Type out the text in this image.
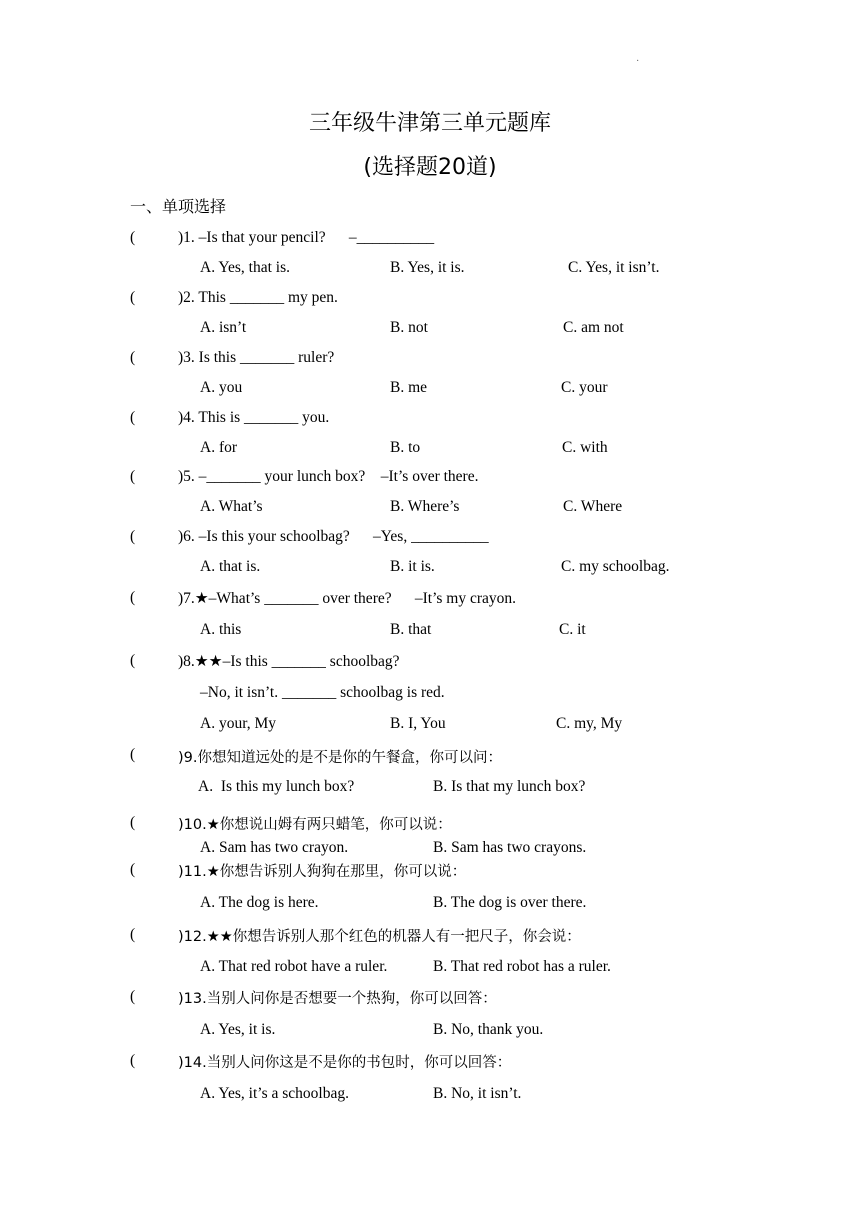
·
三年级牛津第三单元题库
(选择题20道)
一、单项选择
(	)1. –Is that your pencil?      –__________
A. Yes, that is.	B. Yes, it is.	C. Yes, it isn’t.
(	)2. This _______ my pen.
A. isn’t	B. not	C. am not
(	)3. Is this _______ ruler?
A. you	B. me	C. your
(	)4. This is _______ you.
A. for	B. to	C. with
(	)5. –_______ your lunch box?    –It’s over there.
A. What’s	B. Where’s	C. Where
(	)6. –Is this your schoolbag?      –Yes, __________
A. that is.	B. it is.	C. my schoolbag.
(	)7.★–What’s _______ over there?      –It’s my crayon.
A. this	B. that	C. it
(	)8.★★–Is this _______ schoolbag?
–No, it isn’t. _______ schoolbag is red.
A. your, My	B. I, You	C. my, My
(	)9.你想知道远处的是不是你的午餐盒，你可以问：
A.  Is this my lunch box?	B. Is that my lunch box?
(	)10.★你想说山姆有两只蜡笔，你可以说：
A. Sam has two crayon.	B. Sam has two crayons.
(	)11.★你想告诉别人狗狗在那里，你可以说：
A. The dog is here.	B. The dog is over there.
(	)12.★★你想告诉别人那个红色的机器人有一把尺子，你会说：
A. That red robot have a ruler.	B. That red robot has a ruler.
(	)13.当别人问你是否想要一个热狗，你可以回答：
A. Yes, it is.	B. No, thank you.
(	)14.当别人问你这是不是你的书包时，你可以回答：
A. Yes, it’s a schoolbag.	B. No, it isn’t.
